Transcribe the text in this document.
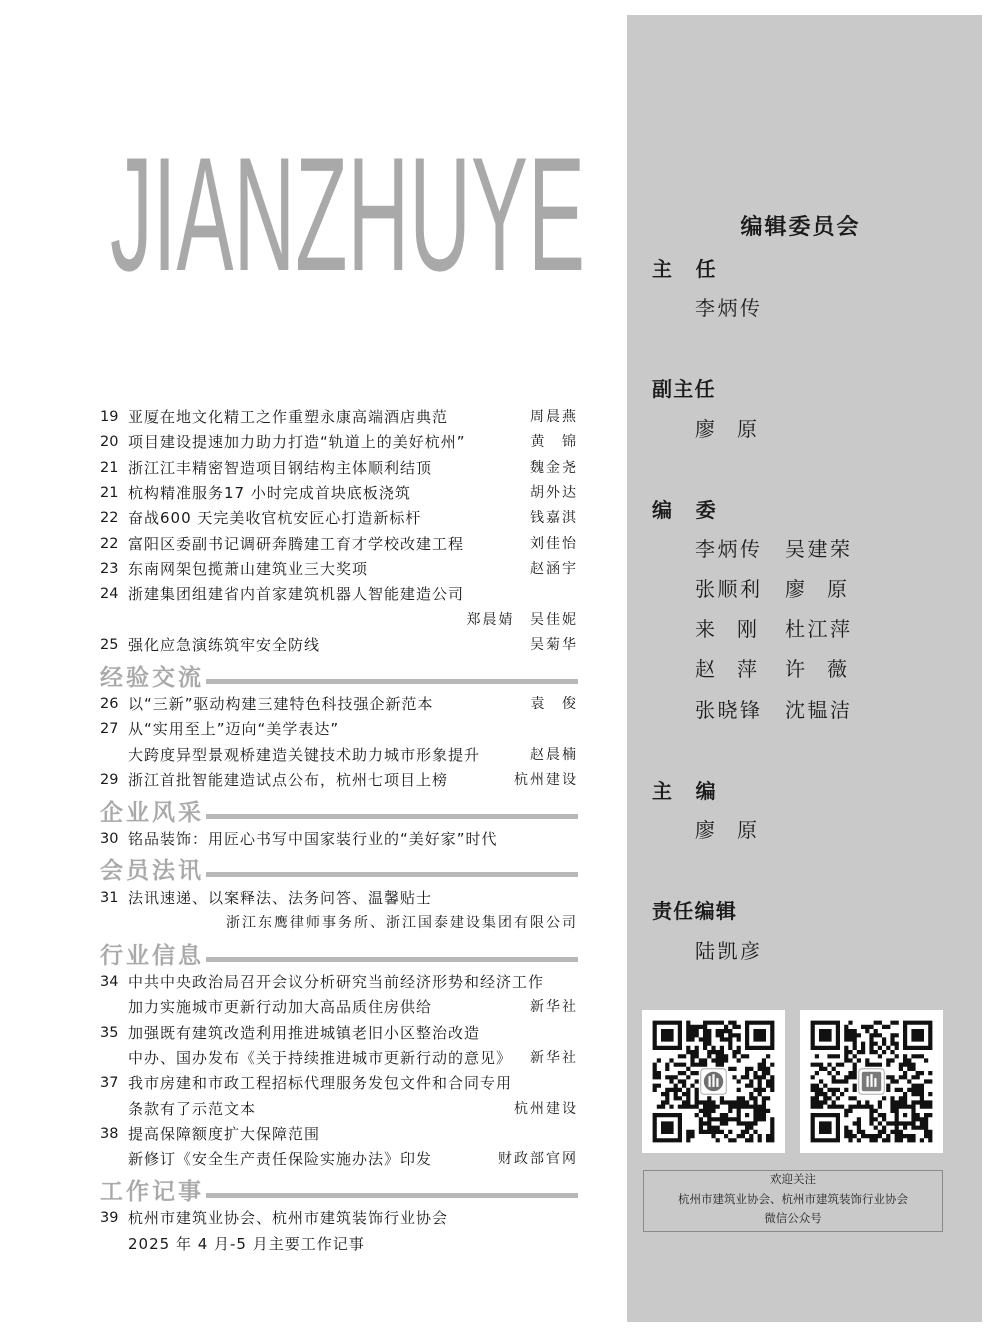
JIANZHUYE
19 亚厦在地文化精工之作重塑永康高端酒店典范	周晨燕
20 项目建设提速加力助力打造“轨道上的美好杭州”	黄 锦
21 浙江江丰精密智造项目钢结构主体顺利结顶	魏金尧
21 杭构精准服务17 小时完成首块底板浇筑	胡外达
22 奋战600 天完美收官杭安匠心打造新标杆	钱嘉淇
22 富阳区委副书记调研奔腾建工育才学校改建工程	刘佳怡
23 东南网架包揽萧山建筑业三大奖项	赵涵宇
24 浙建集团组建省内首家建筑机器人智能建造公司
郑晨婧 吴佳妮
25 强化应急演练筑牢安全防线	吴菊华
经验交流
26 以“三新”驱动构建三建特色科技强企新范本	袁 俊
27 从“实用至上”迈向“美学表达”
大跨度异型景观桥建造关键技术助力城市形象提升	赵晨楠
29 浙江首批智能建造试点公布，杭州七项目上榜	杭州建设
企业风采
30 铭品装饰：用匠心书写中国家装行业的“美好家”时代
会员法讯
31 法讯速递、以案释法、法务问答、温馨贴士
浙江东鹰律师事务所、浙江国泰建设集团有限公司
行业信息
34 中共中央政治局召开会议分析研究当前经济形势和经济工作
加力实施城市更新行动加大高品质住房供给	新华社
35 加强既有建筑改造利用推进城镇老旧小区整治改造
中办、国办发布《关于持续推进城市更新行动的意见》 新华社
37 我市房建和市政工程招标代理服务发包文件和合同专用
条款有了示范文本	杭州建设
38 提高保障额度扩大保障范围
新修订《安全生产责任保险实施办法》印发	财政部官网
工作记事
39 杭州市建筑业协会、杭州市建筑装饰行业协会
2025 年 4 月-5 月主要工作记事
编辑委员会
主 任
李炳传
副主任
廖 原
编 委
李炳传 吴建荣
张顺利 廖 原
来 刚 杜江萍
赵 萍 许 薇
张晓锋 沈韫洁
主 编
廖 原
责任编辑
陆凯彦
欢迎关注
杭州市建筑业协会、杭州市建筑装饰行业协会
微信公众号
